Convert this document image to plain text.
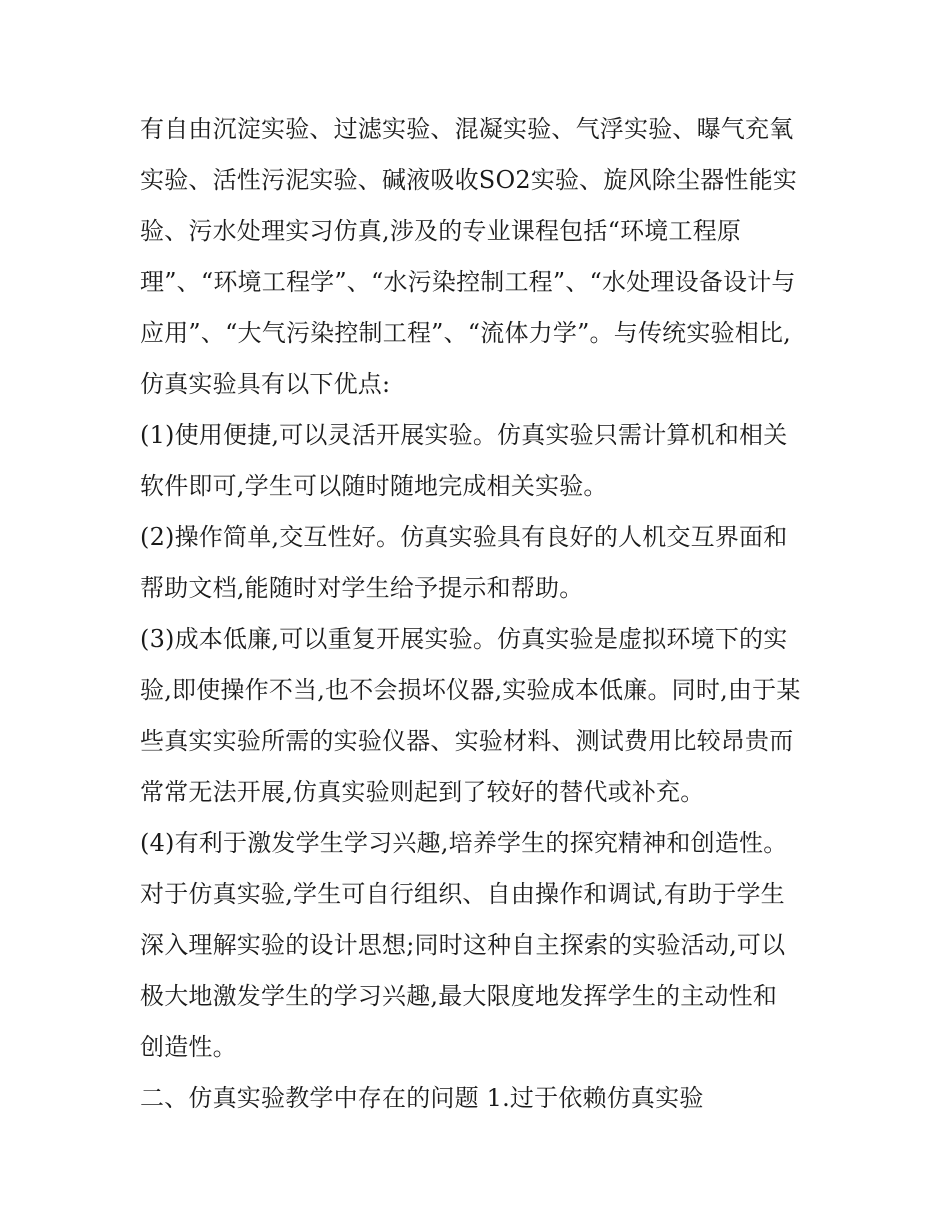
有自由沉淀实验、过滤实验、混凝实验、气浮实验、曝气充氧
实验、活性污泥实验、碱液吸收SO2实验、旋风除尘器性能实
验、污水处理实习仿真,涉及的专业课程包括“环境工程原
理”、“环境工程学”、“水污染控制工程”、“水处理设备设计与
应用”、“大气污染控制工程”、“流体力学”。与传统实验相比,
仿真实验具有以下优点:

(1)使用便捷,可以灵活开展实验。仿真实验只需计算机和相关
软件即可,学生可以随时随地完成相关实验。

(2)操作简单,交互性好。仿真实验具有良好的人机交互界面和
帮助文档,能随时对学生给予提示和帮助。

(3)成本低廉,可以重复开展实验。仿真实验是虚拟环境下的实
验,即使操作不当,也不会损坏仪器,实验成本低廉。同时,由于某
些真实实验所需的实验仪器、实验材料、测试费用比较昂贵而
常常无法开展,仿真实验则起到了较好的替代或补充。

(4)有利于激发学生学习兴趣,培养学生的探究精神和创造性。
对于仿真实验,学生可自行组织、自由操作和调试,有助于学生
深入理解实验的设计思想;同时这种自主探索的实验活动,可以
极大地激发学生的学习兴趣,最大限度地发挥学生的主动性和
创造性。

二、仿真实验教学中存在的问题 1.过于依赖仿真实验
